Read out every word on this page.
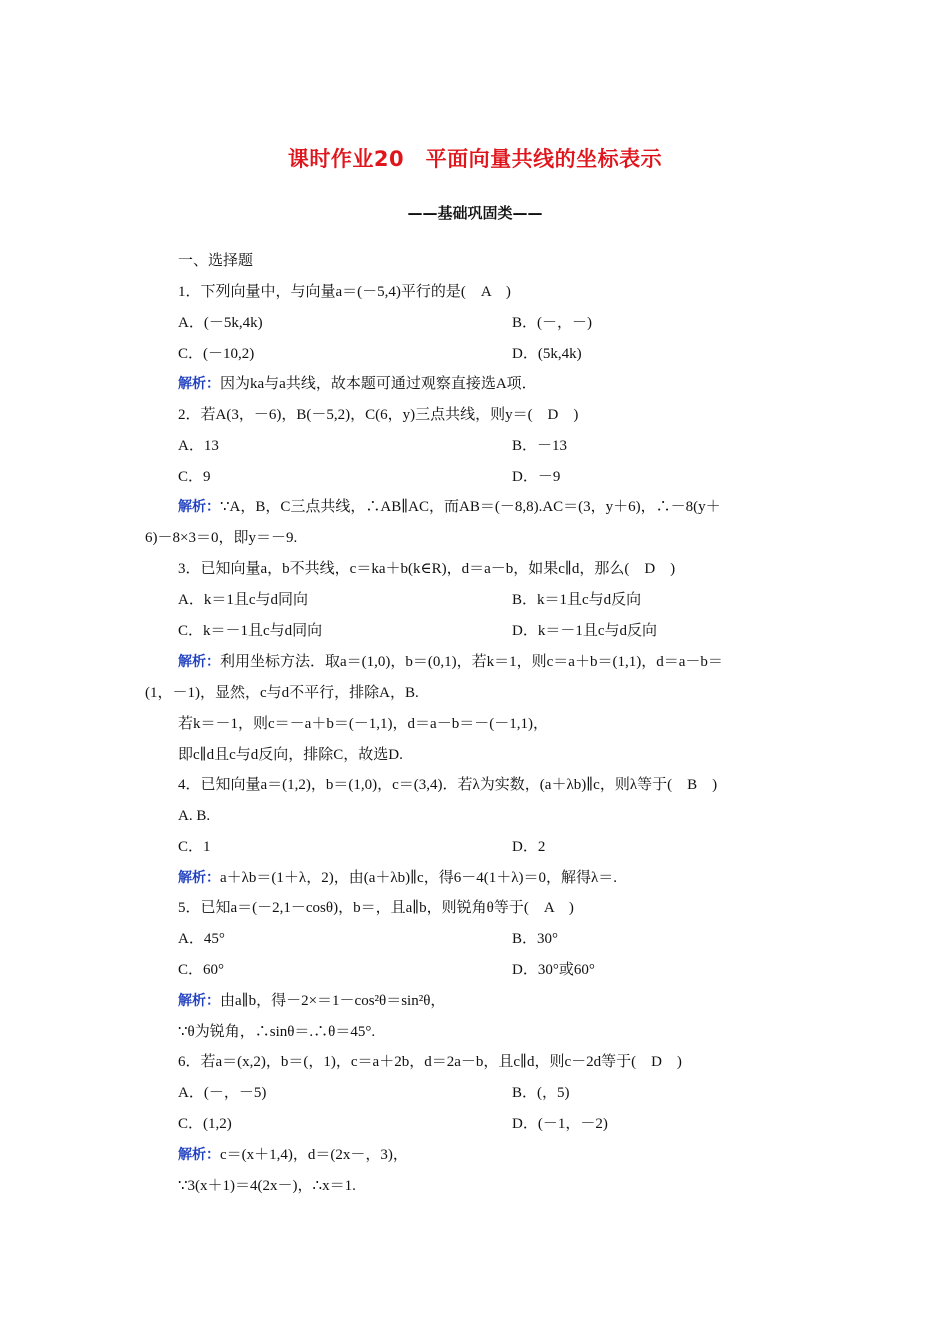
课时作业20　平面向量共线的坐标表示
——基础巩固类——
一、选择题
1．下列向量中，与向量a＝(－5,4)平行的是(　A　)
A．(－5k,4k)	B．(－，－)
C．(－10,2)	D．(5k,4k)
解析：因为ka与a共线，故本题可通过观察直接选A项．
2．若A(3，－6)，B(－5,2)，C(6，y)三点共线，则y＝(　D　)
A．13	B．－13
C．9	D．－9
解析：∵A，B，C三点共线，∴AB∥AC，而AB＝(－8,8).AC＝(3，y＋6)，∴－8(y＋
6)－8×3＝0，即y＝－9.
3．已知向量a，b不共线，c＝ka＋b(k∈R)，d＝a－b，如果c∥d，那么(　D　)
A．k＝1且c与d同向	B．k＝1且c与d反向
C．k＝－1且c与d同向	D．k＝－1且c与d反向
解析：利用坐标方法．取a＝(1,0)，b＝(0,1)，若k＝1，则c＝a＋b＝(1,1)，d＝a－b＝
(1，－1)，显然，c与d不平行，排除A，B.
若k＝－1，则c＝－a＋b＝(－1,1)，d＝a－b＝－(－1,1)，
即c∥d且c与d反向，排除C，故选D.
4．已知向量a＝(1,2)，b＝(1,0)，c＝(3,4)．若λ为实数，(a＋λb)∥c，则λ等于(　B　)
A. B.
C．1	D．2
解析：a＋λb＝(1＋λ，2)，由(a＋λb)∥c，得6－4(1＋λ)＝0，解得λ＝.
5．已知a＝(－2,1－cosθ)，b＝，且a∥b，则锐角θ等于(　A　)
A．45°	B．30°
C．60°	D．30°或60°
解析：由a∥b，得－2×＝1－cos²θ＝sin²θ，
∵θ为锐角，∴sinθ＝.∴θ＝45°.
6．若a＝(x,2)，b＝(，1)，c＝a＋2b，d＝2a－b，且c∥d，则c－2d等于(　D　)
A．(－，－5)	B．(，5)
C．(1,2)	D．(－1，－2)
解析：c＝(x＋1,4)，d＝(2x－，3)，
∵3(x＋1)＝4(2x－)，∴x＝1.
